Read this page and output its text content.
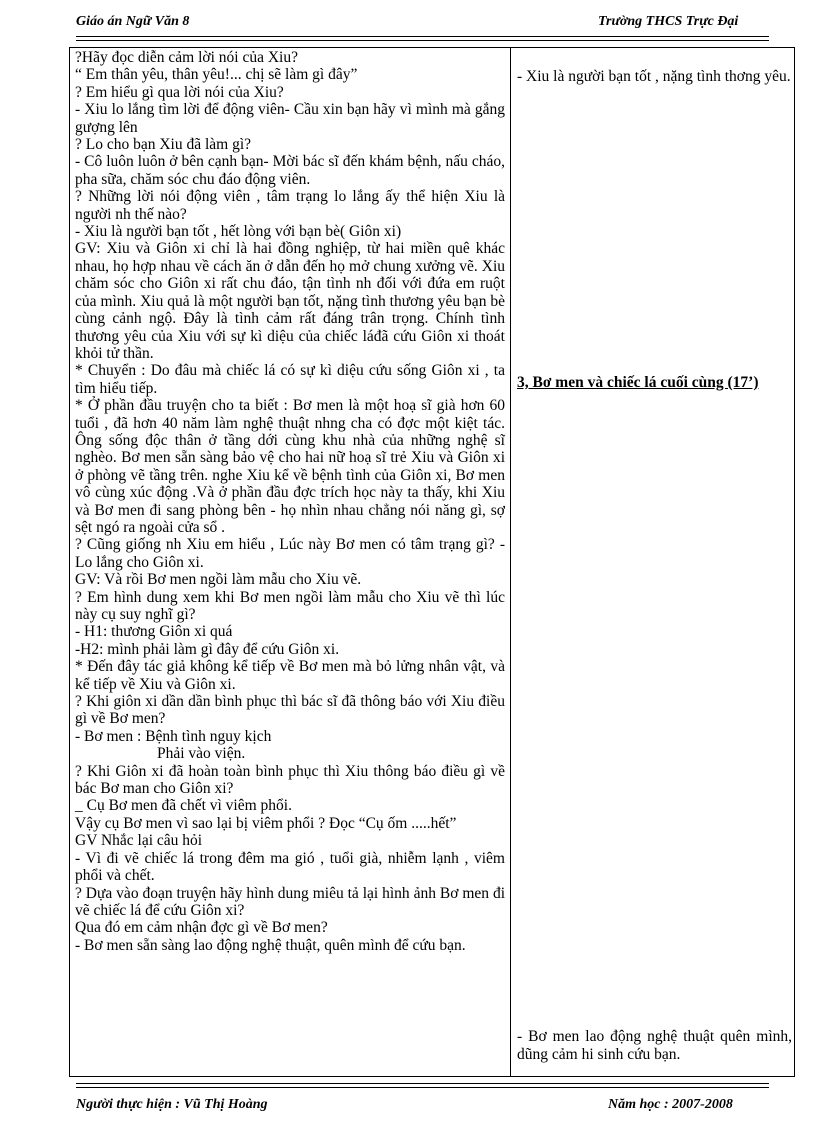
Giáo án Ngữ Văn 8	Trường THCS Trực Đại

?Hãy đọc diễn cảm lời nói của Xiu?

“ Em thân yêu, thân yêu!... chị sẽ làm gì đây”

? Em hiểu gì qua lời nói của Xiu?

- Xiu lo lắng tìm lời để động viên- Cầu xin bạn hãy vì mình mà gắng gượng lên

? Lo cho bạn Xiu đã làm gì?

- Cô luôn luôn ở bên cạnh bạn- Mời bác sĩ đến khám bệnh, nấu cháo, pha sữa, chăm sóc chu đáo động viên.

? Những lời nói động viên , tâm trạng lo lắng ấy thể hiện Xiu là người nh thế nào?

- Xiu là người bạn tốt , hết lòng với bạn bè( Giôn xi)

GV: Xiu và Giôn xi chỉ là hai đồng nghiệp, từ hai miền quê khác nhau, họ hợp nhau về cách ăn ở dẫn đến họ mở chung xưởng vẽ. Xiu chăm sóc cho Giôn xi rất chu đáo, tận tình nh đối với đứa em ruột của mình. Xiu quả là một người bạn tốt, nặng tình thương yêu bạn bè cùng cảnh ngộ. Đây là tình cảm rất đáng trân trọng. Chính tình thương yêu của Xiu với sự kì diệu của chiếc láđã cứu Giôn xi thoát khỏi tử thần.

* Chuyển : Do đâu mà chiếc lá có sự kì diệu cứu sống Giôn xi , ta tìm hiểu tiếp.

* Ở phần đầu truyện cho ta biết : Bơ men là một hoạ sĩ già hơn 60 tuổi , đã hơn 40 năm làm nghệ thuật nhng cha có đợc một kiệt tác. Ông sống độc thân ở tầng dới cùng khu nhà của những nghệ sĩ nghèo. Bơ men sẵn sàng bảo vệ cho hai nữ hoạ sĩ trẻ Xiu và Giôn xi ở phòng vẽ tầng trên. nghe Xiu kể về bệnh tình của Giôn xi, Bơ men vô cùng xúc động .Và ở phần đầu đợc trích học này ta thấy, khi Xiu và Bơ men đi sang phòng bên - họ nhìn nhau chẳng nói năng gì, sợ sệt ngó ra ngoài cửa sổ .

? Cũng giống nh Xiu em hiểu , Lúc này Bơ men có tâm trạng gì? - Lo lắng cho Giôn xi.

GV: Và rồi Bơ men ngồi làm mẫu cho Xiu vẽ.

? Em hình dung xem khi Bơ men ngồi làm mẫu cho Xiu vẽ thì lúc này cụ suy nghĩ gì?

- H1: thương Giôn xi quá

-H2: mình phải làm gì đây để cứu Giôn xi.

* Đến đây tác giả không kể tiếp về Bơ men mà bỏ lửng nhân vật, và kể tiếp về Xiu và Giôn xi.

? Khi giôn xi dần dần bình phục thì bác sĩ đã thông báo với Xiu điều gì về Bơ men?

- Bơ men : Bệnh tình nguy kịch

Phải vào viện.

? Khi Giôn xi đã hoàn toàn bình phục thì Xiu thông báo điều gì về bác Bơ man cho Giôn xi?

_ Cụ Bơ men đã chết vì viêm phổi.

Vậy cụ Bơ men vì sao lại bị viêm phổi ? Đọc “Cụ ốm .....hết”

GV Nhắc lại câu hỏi

- Vì đi vẽ chiếc lá trong đêm ma gió , tuổi già, nhiễm lạnh , viêm phổi và chết.

? Dựa vào đoạn truyện hãy hình dung miêu tả lại hình ảnh Bơ men đi vẽ chiếc lá để cứu Giôn xi?

Qua đó em cảm nhận đợc gì về Bơ men?

- Bơ men sẵn sàng lao động nghệ thuật, quên mình để cứu bạn.

- Xiu là người bạn tốt , nặng tình thơng yêu.
3, Bơ men và chiếc lá cuối cùng (17’)
- Bơ men lao động nghệ thuật quên mình, dũng cảm hi sinh cứu bạn.
Người thực hiện : Vũ Thị Hoàng	Năm học : 2007-2008
